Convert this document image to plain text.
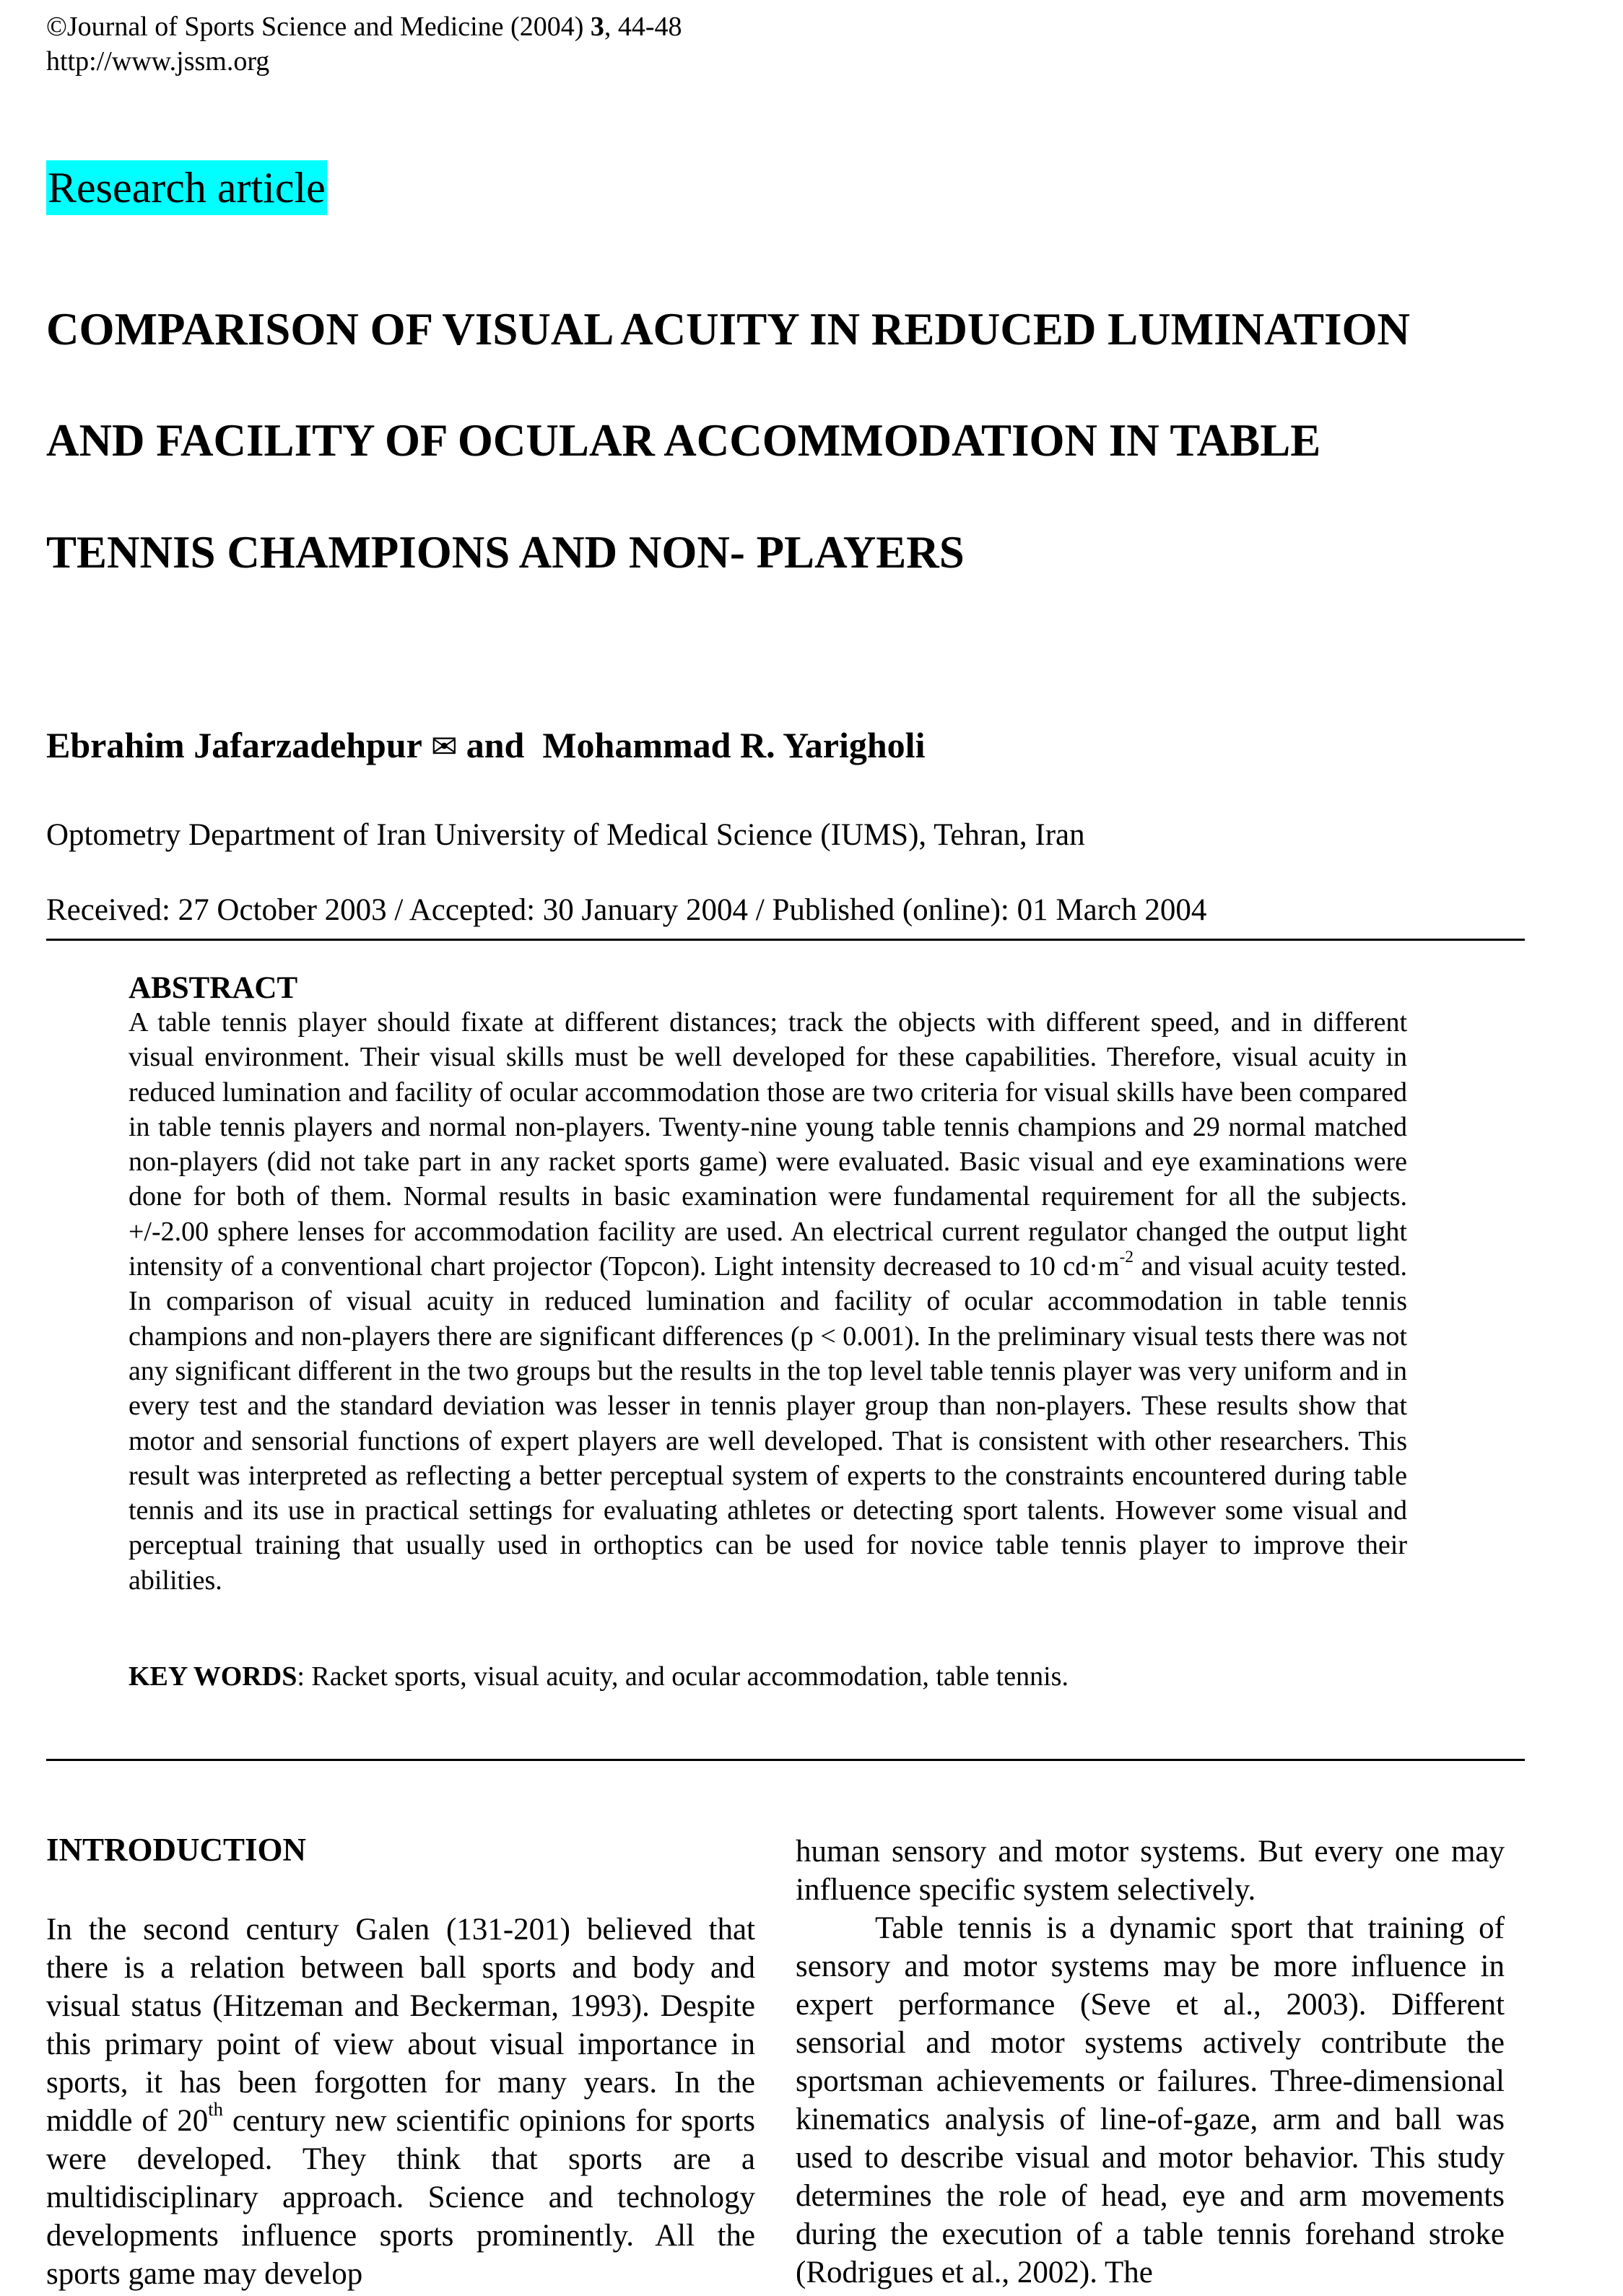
©Journal of Sports Science and Medicine (2004) 3, 44-48
http://www.jssm.org
Research article
COMPARISON OF VISUAL ACUITY IN REDUCED LUMINATION
AND FACILITY OF OCULAR ACCOMMODATION IN TABLE
TENNIS CHAMPIONS AND NON- PLAYERS
Ebrahim Jafarzadehpur ✉ and Mohammad R. Yarigholi
Optometry Department of Iran University of Medical Science (IUMS), Tehran, Iran
Received: 27 October 2003 / Accepted: 30 January 2004 / Published (online): 01 March 2004
ABSTRACT
A table tennis player should fixate at different distances; track the objects with different speed, and in different visual environment. Their visual skills must be well developed for these capabilities. Therefore, visual acuity in reduced lumination and facility of ocular accommodation those are two criteria for visual skills have been compared in table tennis players and normal non-players. Twenty-nine young table tennis champions and 29 normal matched non-players (did not take part in any racket sports game) were evaluated. Basic visual and eye examinations were done for both of them. Normal results in basic examination were fundamental requirement for all the subjects. +/-2.00 sphere lenses for accommodation facility are used. An electrical current regulator changed the output light intensity of a conventional chart projector (Topcon). Light intensity decreased to 10 $cd\cdot m^{-2}$ and visual acuity tested. In comparison of visual acuity in reduced lumination and facility of ocular accommodation in table tennis champions and non-players there are significant differences (p < 0.001). In the preliminary visual tests there was not any significant different in the two groups but the results in the top level table tennis player was very uniform and in every test and the standard deviation was lesser in tennis player group than non-players. These results show that motor and sensorial functions of expert players are well developed. That is consistent with other researchers. This result was interpreted as reflecting a better perceptual system of experts to the constraints encountered during table tennis and its use in practical settings for evaluating athletes or detecting sport talents. However some visual and perceptual training that usually used in orthoptics can be used for novice table tennis player to improve their abilities.
KEY WORDS: Racket sports, visual acuity, and ocular accommodation, table tennis.
INTRODUCTION

In the second century Galen (131-201) believed that there is a relation between ball sports and body and visual status (Hitzeman and Beckerman, 1993). Despite this primary point of view about visual importance in sports, it has been forgotten for many years. In the middle of 20th century new scientific opinions for sports were developed. They think that sports are a multidisciplinary approach. Science and technology developments influence sports prominently. All the sports game may develop

human sensory and motor systems. But every one may influence specific system selectively.

Table tennis is a dynamic sport that training of sensory and motor systems may be more influence in expert performance (Seve et al., 2003). Different sensorial and motor systems actively contribute the sportsman achievements or failures. Three-dimensional kinematics analysis of line-of-gaze, arm and ball was used to describe visual and motor behavior. This study determines the role of head, eye and arm movements during the execution of a table tennis forehand stroke (Rodrigues et al., 2002). The
